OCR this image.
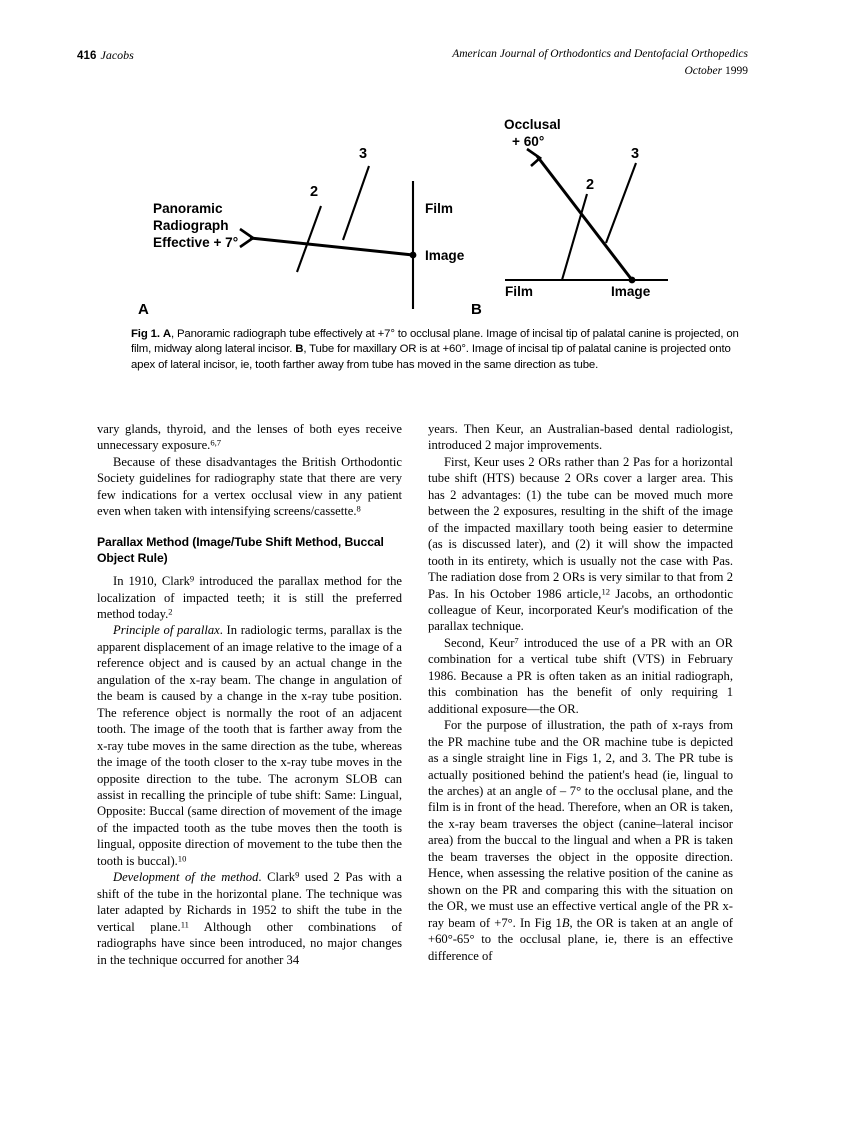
416 Jacobs	American Journal of Orthodontics and Dentofacial Orthopedics
October 1999
3
2
Panoramic
Radiograph
Effective + 7°
Film
Image
Occlusal
+ 60°
3
2
Film	Image
A	B
Fig 1. A, Panoramic radiograph tube effectively at +7° to occlusal plane. Image of incisal tip of palatal canine is projected, on film, midway along lateral incisor. B, Tube for maxillary OR is at +60°. Image of incisal tip of palatal canine is projected onto apex of lateral incisor, ie, tooth farther away from tube has moved in the same direction as tube.

vary glands, thyroid, and the lenses of both eyes receive unnecessary exposure.$^{6,7}$

Because of these disadvantages the British Orthodontic Society guidelines for radiography state that there are very few indications for a vertex occlusal view in any patient even when taken with intensifying screens/cassette.$^8$

Parallax Method (Image/Tube Shift Method, Buccal Object Rule)

In 1910, Clark$^9$ introduced the parallax method for the localization of impacted teeth; it is still the preferred method today.$^2$

Principle of parallax. In radiologic terms, parallax is the apparent displacement of an image relative to the image of a reference object and is caused by an actual change in the angulation of the x-ray beam. The change in angulation of the beam is caused by a change in the x-ray tube position. The reference object is normally the root of an adjacent tooth. The image of the tooth that is farther away from the x-ray tube moves in the same direction as the tube, whereas the image of the tooth closer to the x-ray tube moves in the opposite direction to the tube. The acronym SLOB can assist in recalling the principle of tube shift: Same: Lingual, Opposite: Buccal (same direction of movement of the image of the impacted tooth as the tube moves then the tooth is lingual, opposite direction of movement to the tube then the tooth is buccal).$^{10}$

Development of the method. Clark$^9$ used 2 Pas with a shift of the tube in the horizontal plane. The technique was later adapted by Richards in 1952 to shift the tube in the vertical plane.$^{11}$ Although other combinations of radiographs have since been introduced, no major changes in the technique occurred for another 34

years. Then Keur, an Australian-based dental radiologist, introduced 2 major improvements.

First, Keur uses 2 ORs rather than 2 Pas for a horizontal tube shift (HTS) because 2 ORs cover a larger area. This has 2 advantages: (1) the tube can be moved much more between the 2 exposures, resulting in the shift of the image of the impacted maxillary tooth being easier to determine (as is discussed later), and (2) it will show the impacted tooth in its entirety, which is usually not the case with Pas. The radiation dose from 2 ORs is very similar to that from 2 Pas. In his October 1986 article,$^{12}$ Jacobs, an orthodontic colleague of Keur, incorporated Keur's modification of the parallax technique.

Second, Keur$^7$ introduced the use of a PR with an OR combination for a vertical tube shift (VTS) in February 1986. Because a PR is often taken as an initial radiograph, this combination has the benefit of only requiring 1 additional exposure—the OR.

For the purpose of illustration, the path of x-rays from the PR machine tube and the OR machine tube is depicted as a single straight line in Figs 1, 2, and 3. The PR tube is actually positioned behind the patient's head (ie, lingual to the arches) at an angle of – 7° to the occlusal plane, and the film is in front of the head. Therefore, when an OR is taken, the x-ray beam traverses the object (canine–lateral incisor area) from the buccal to the lingual and when a PR is taken the beam traverses the object in the opposite direction. Hence, when assessing the relative position of the canine as shown on the PR and comparing this with the situation on the OR, we must use an effective vertical angle of the PR x-ray beam of +7°. In Fig 1B, the OR is taken at an angle of +60°-65° to the occlusal plane, ie, there is an effective difference of
